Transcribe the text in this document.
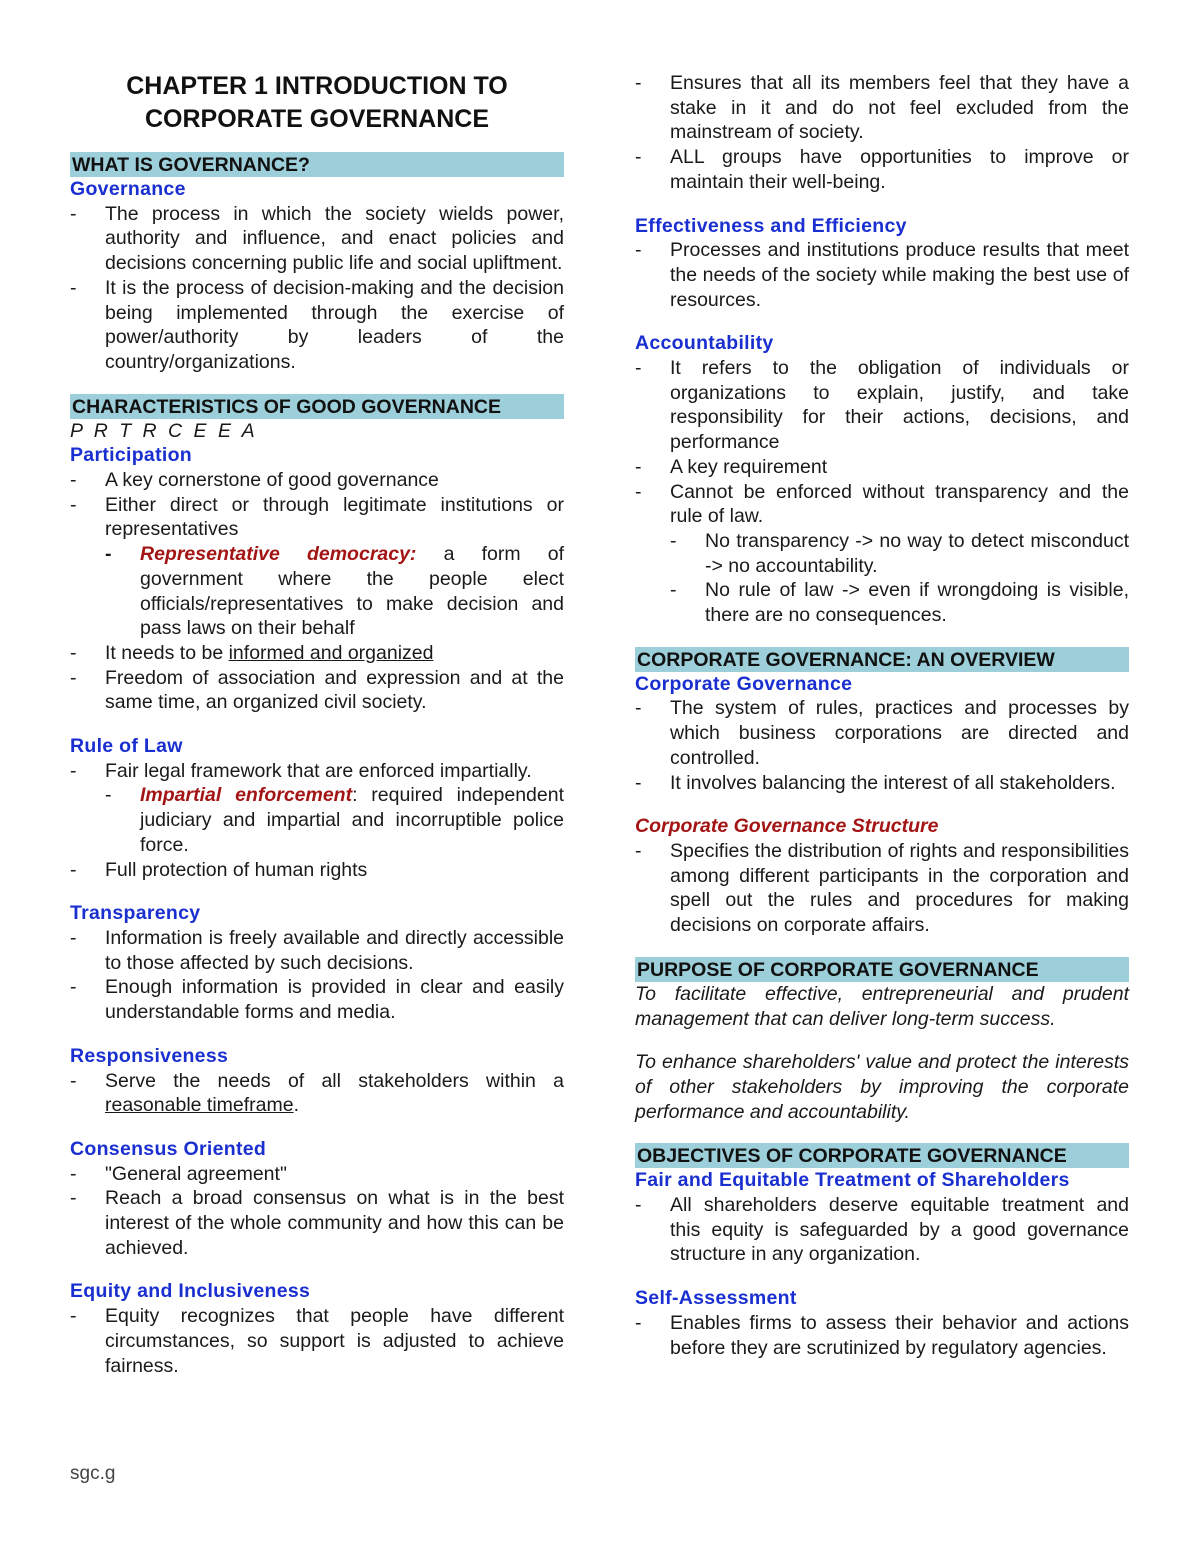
CHAPTER 1 INTRODUCTION TO
CORPORATE GOVERNANCE
WHAT IS GOVERNANCE?
Governance
- The process in which the society wields power, authority and influence, and enact policies and decisions concerning public life and social upliftment.
- It is the process of decision-making and the decision being implemented through the exercise of power/authority by leaders of the country/organizations.
CHARACTERISTICS OF GOOD GOVERNANCE
P R T R C E E A
Participation
- A key cornerstone of good governance
- Either direct or through legitimate institutions or representatives
- Representative democracy: a form of government where the people elect officials/representatives to make decision and pass laws on their behalf
- It needs to be informed and organized
- Freedom of association and expression and at the same time, an organized civil society.
Rule of Law
- Fair legal framework that are enforced impartially.
- Impartial enforcement: required independent judiciary and impartial and incorruptible police force.
- Full protection of human rights
Transparency
- Information is freely available and directly accessible to those affected by such decisions.
- Enough information is provided in clear and easily understandable forms and media.
Responsiveness
- Serve the needs of all stakeholders within a reasonable timeframe.
Consensus Oriented
- "General agreement"
- Reach a broad consensus on what is in the best interest of the whole community and how this can be achieved.
Equity and Inclusiveness
- Equity recognizes that people have different circumstances, so support is adjusted to achieve fairness.
- Ensures that all its members feel that they have a stake in it and do not feel excluded from the mainstream of society.
- ALL groups have opportunities to improve or maintain their well-being.
Effectiveness and Efficiency
- Processes and institutions produce results that meet the needs of the society while making the best use of resources.
Accountability
- It refers to the obligation of individuals or organizations to explain, justify, and take responsibility for their actions, decisions, and performance
- A key requirement
- Cannot be enforced without transparency and the rule of law.
- No transparency -> no way to detect misconduct -> no accountability.
- No rule of law -> even if wrongdoing is visible, there are no consequences.
CORPORATE GOVERNANCE: AN OVERVIEW
Corporate Governance
- The system of rules, practices and processes by which business corporations are directed and controlled.
- It involves balancing the interest of all stakeholders.
Corporate Governance Structure
- Specifies the distribution of rights and responsibilities among different participants in the corporation and spell out the rules and procedures for making decisions on corporate affairs.
PURPOSE OF CORPORATE GOVERNANCE
To facilitate effective, entrepreneurial and prudent management that can deliver long-term success.
To enhance shareholders' value and protect the interests of other stakeholders by improving the corporate performance and accountability.
OBJECTIVES OF CORPORATE GOVERNANCE
Fair and Equitable Treatment of Shareholders
- All shareholders deserve equitable treatment and this equity is safeguarded by a good governance structure in any organization.
Self-Assessment
- Enables firms to assess their behavior and actions before they are scrutinized by regulatory agencies.
sgc.g
